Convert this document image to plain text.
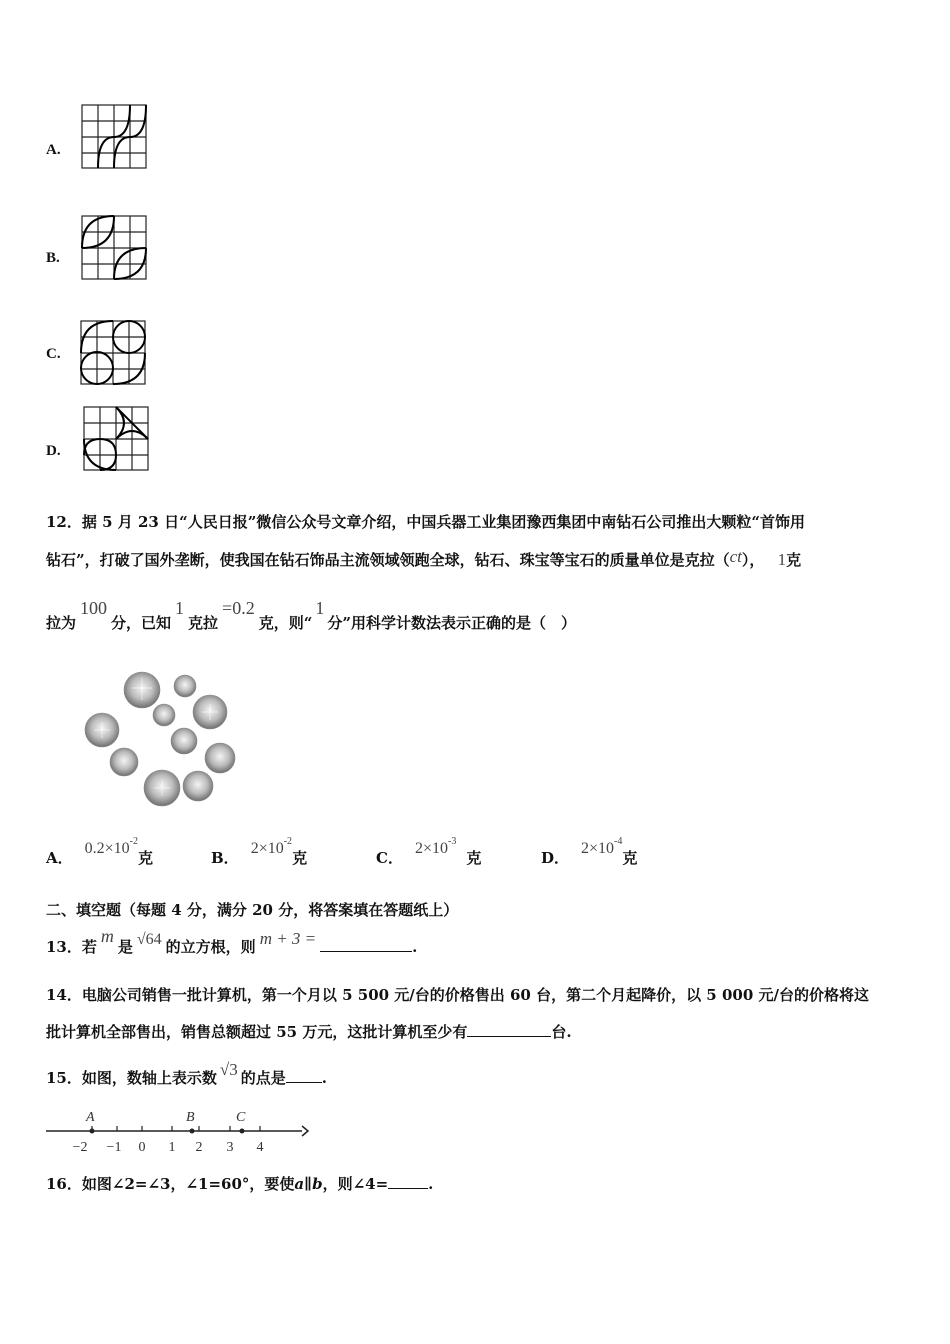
A.
B.
C.
D.
12．据 5 月 23 日“人民日报”微信公众号文章介绍，中国兵器工业集团豫西集团中南钻石公司推出大颗粒“首饰用
钻石”，打破了国外垄断，使我国在钻石饰品主流领域领跑全球，钻石、珠宝等宝石的质量单位是克拉（ct）， 1克
拉为100分，已知1克拉=0.2克，则“1分”用科学计数法表示正确的是（　）
A．$0.2\times 10^{-2}$克	B．$2\times 10^{-2}$克	C．$2\times 10^{-3}$克	D．$2\times 10^{-4}$克
二、填空题（每题 4 分，满分 20 分，将答案填在答题纸上）
13．若m是 √64 的立方根，则 m + 3 =	.
14．电脑公司销售一批计算机，第一个月以 5 500 元/台的价格售出 60 台，第二个月起降价，以 5 000 元/台的价格将这
批计算机全部售出，销售总额超过 55 万元，这批计算机至少有	台.
15．如图，数轴上表示数 √3 的点是 .
A	B	C
−2 −1 0 1 2 3 4
16．如图∠2=∠3，∠1=60°，要使a∥b，则∠4=	.
